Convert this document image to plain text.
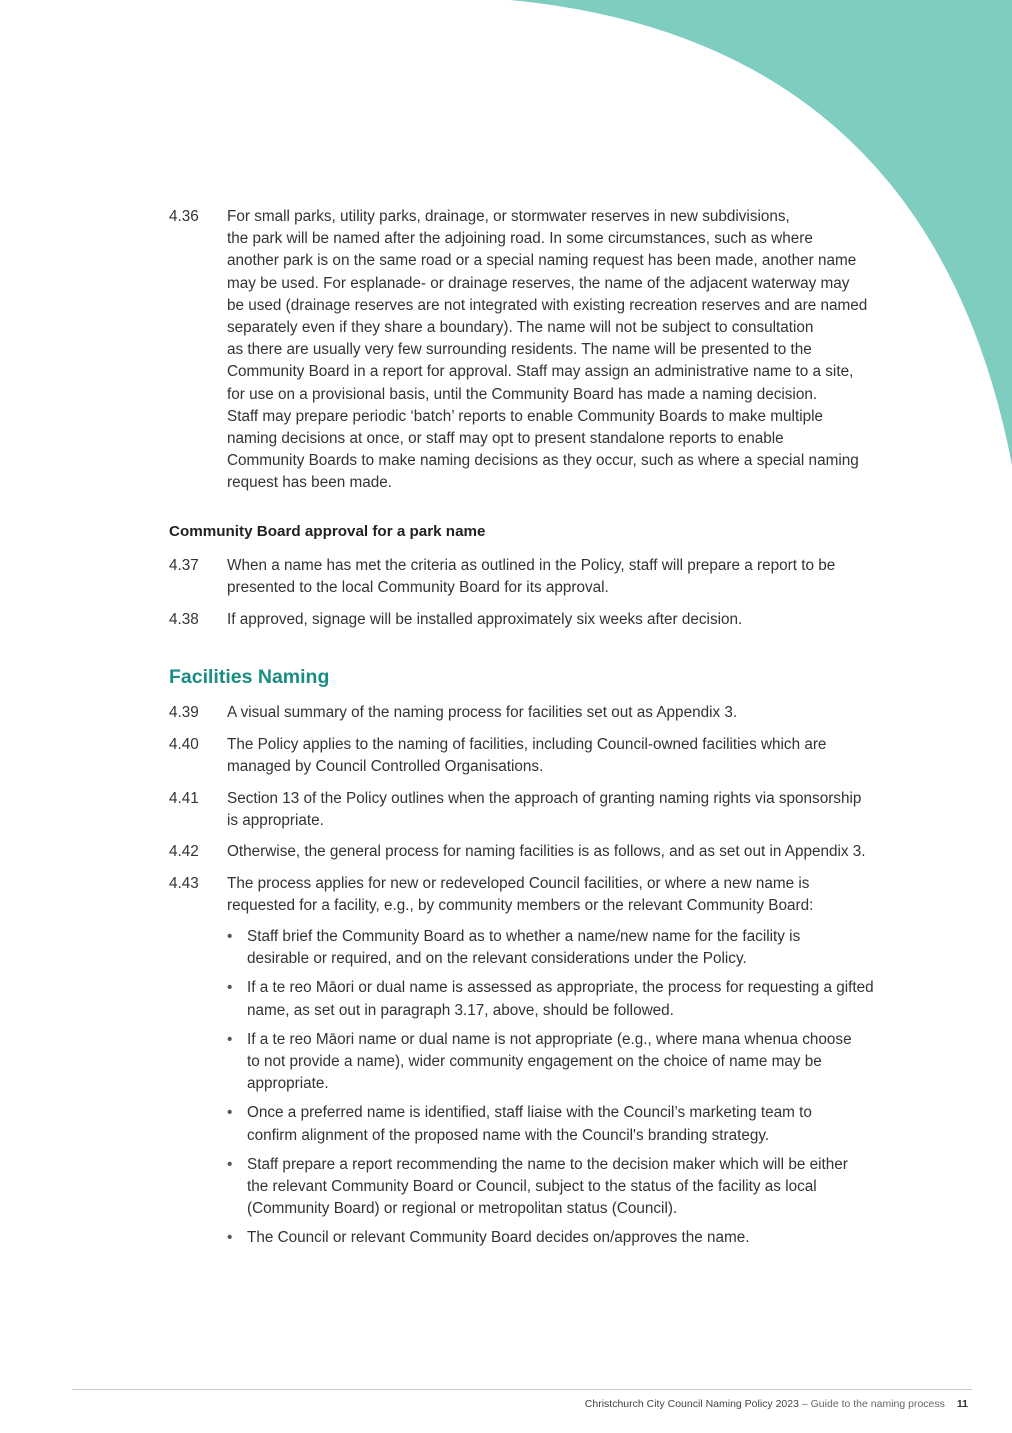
4.36	For small parks, utility parks, drainage, or stormwater reserves in new subdivisions,
the park will be named after the adjoining road. In some circumstances, such as where
another park is on the same road or a special naming request has been made, another name
may be used. For esplanade- or drainage reserves, the name of the adjacent waterway may
be used (drainage reserves are not integrated with existing recreation reserves and are named
separately even if they share a boundary). The name will not be subject to consultation
as there are usually very few surrounding residents. The name will be presented to the
Community Board in a report for approval. Staff may assign an administrative name to a site,
for use on a provisional basis, until the Community Board has made a naming decision.
Staff may prepare periodic ‘batch’ reports to enable Community Boards to make multiple
naming decisions at once, or staff may opt to present standalone reports to enable
Community Boards to make naming decisions as they occur, such as where a special naming
request has been made.
Community Board approval for a park name
4.37	When a name has met the criteria as outlined in the Policy, staff will prepare a report to be
presented to the local Community Board for its approval.
4.38	If approved, signage will be installed approximately six weeks after decision.
Facilities Naming
4.39	A visual summary of the naming process for facilities set out as Appendix 3.
4.40	The Policy applies to the naming of facilities, including Council-owned facilities which are
managed by Council Controlled Organisations.
4.41	Section 13 of the Policy outlines when the approach of granting naming rights via sponsorship
is appropriate.
4.42	Otherwise, the general process for naming facilities is as follows, and as set out in Appendix 3.
4.43	The process applies for new or redeveloped Council facilities, or where a new name is
requested for a facility, e.g., by community members or the relevant Community Board:
• Staff brief the Community Board as to whether a name/new name for the facility is
desirable or required, and on the relevant considerations under the Policy.
• If a te reo Māori or dual name is assessed as appropriate, the process for requesting a gifted
name, as set out in paragraph 3.17, above, should be followed.
• If a te reo Māori name or dual name is not appropriate (e.g., where mana whenua choose
to not provide a name), wider community engagement on the choice of name may be
appropriate.
• Once a preferred name is identified, staff liaise with the Council’s marketing team to
confirm alignment of the proposed name with the Council's branding strategy.
• Staff prepare a report recommending the name to the decision maker which will be either
the relevant Community Board or Council, subject to the status of the facility as local
(Community Board) or regional or metropolitan status (Council).
• The Council or relevant Community Board decides on/approves the name.
Christchurch City Council Naming Policy 2023 – Guide to the naming process 11
